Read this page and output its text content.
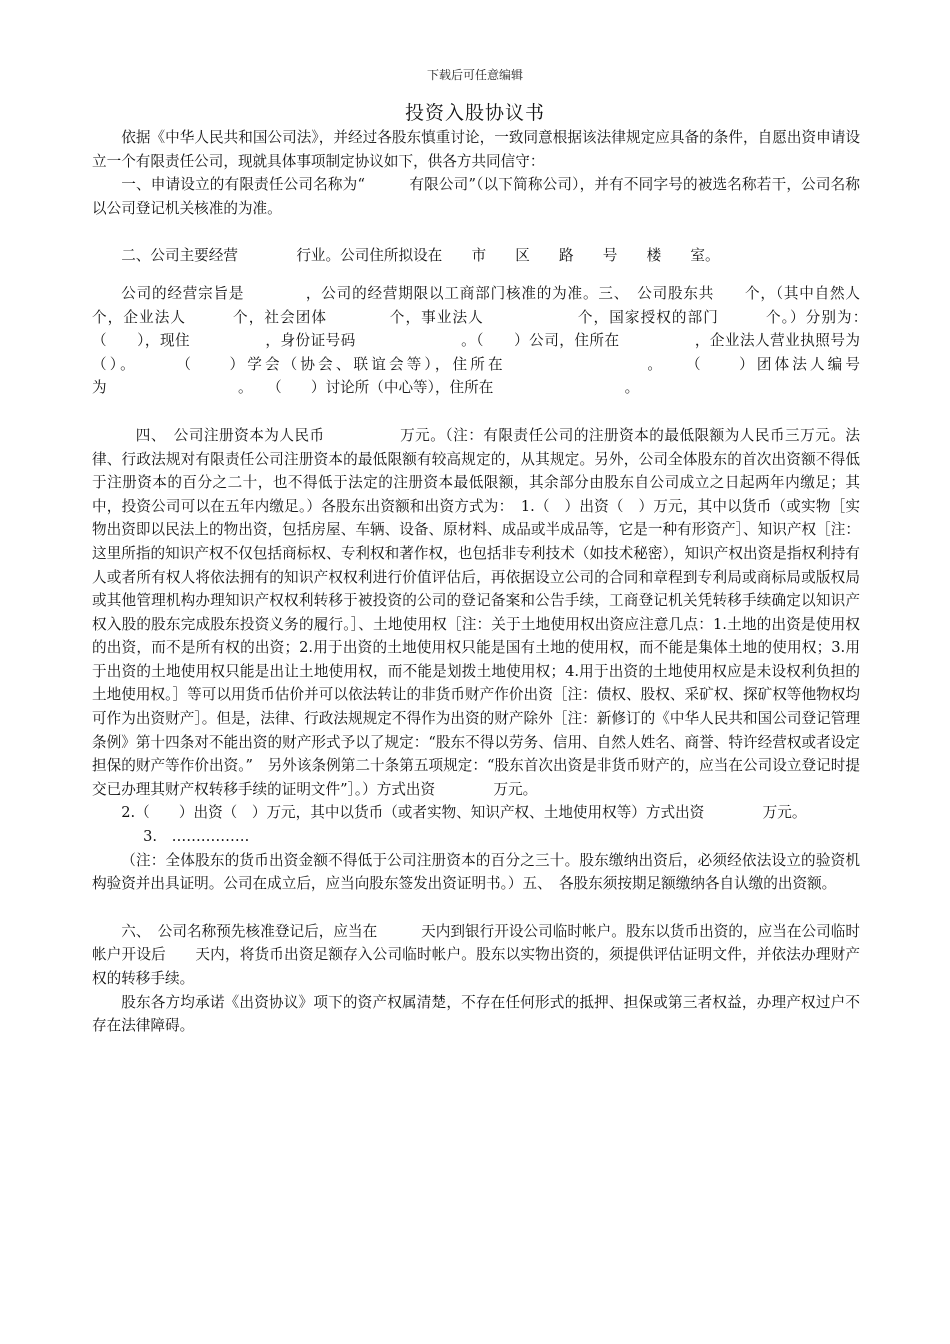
下载后可任意编辑
投资入股协议书

依据《中华人民共和国公司法》，并经过各股东慎重讨论，一致同意根据该法律规定应具备的条件，自愿出资申请设立一个有限责任公司，现就具体事项制定协议如下，供各方共同信守：

一、申请设立的有限责任公司名称为“　　　有限公司”（以下简称公司），并有不同字号的被选名称若干，公司名称以公司登记机关核准的为准。

二、公司主要经营　　　　行业。公司住所拟设在　　市　　区　　路　　号　　楼　　室。

公司的经营宗旨是　　　　，公司的经营期限以工商部门核准的为准。三、　公司股东共　　个，（其中自然人　　　　个，企业法人　　　个，社会团体　　　　个，事业法人　　　　　　个，国家授权的部门　　　个。）分别为：　　　　（　　），现住　　　　　，身份证号码　　　　　　　。（　　）公司，住所在　　　　　，企业法人营业执照号为（）。　　　（　　）学会（协会、联谊会等），住所在　　　　　　　　。　　（　　）团体法人编号为　　　　　　　　　。　　（　　）讨论所（中心等），住所在　　　　　　　　　。

四、　公司注册资本为人民币　　　　　万元。（注：有限责任公司的注册资本的最低限额为人民币三万元。法律、行政法规对有限责任公司注册资本的最低限额有较高规定的，从其规定。另外，公司全体股东的首次出资额不得低于注册资本的百分之二十，也不得低于法定的注册资本最低限额，其余部分由股东自公司成立之日起两年内缴足；其中，投资公司可以在五年内缴足。）各股东出资额和出资方式为：　1.（　）出资（　）万元，其中以货币（或实物［实物出资即以民法上的物出资，包括房屋、车辆、设备、原材料、成品或半成品等，它是一种有形资产］、知识产权［注：这里所指的知识产权不仅包括商标权、专利权和著作权，也包括非专利技术（如技术秘密），知识产权出资是指权利持有人或者所有权人将依法拥有的知识产权权利进行价值评估后，再依据设立公司的合同和章程到专利局或商标局或版权局或其他管理机构办理知识产权权利转移于被投资的公司的登记备案和公告手续，工商登记机关凭转移手续确定以知识产权入股的股东完成股东投资义务的履行。］、土地使用权［注：关于土地使用权出资应注意几点：1.土地的出资是使用权的出资，而不是所有权的出资；2.用于出资的土地使用权只能是国有土地的使用权，而不能是集体土地的使用权；3.用于出资的土地使用权只能是出让土地使用权，而不能是划拨土地使用权；4.用于出资的土地使用权应是未设权利负担的土地使用权。］等可以用货币估价并可以依法转让的非货币财产作价出资［注：债权、股权、采矿权、探矿权等他物权均可作为出资财产］。但是，法律、行政法规规定不得作为出资的财产除外［注：新修订的《中华人民共和国公司登记管理条例》第十四条对不能出资的财产形式予以了规定：“股东不得以劳务、信用、自然人姓名、商誉、特许经营权或者设定担保的财产等作价出资。”　另外该条例第二十条第五项规定：“股东首次出资是非货币财产的，应当在公司设立登记时提交已办理其财产权转移手续的证明文件”］。）方式出资　　　　万元。

2.（　　）出资（　）万元，其中以货币（或者实物、知识产权、土地使用权等）方式出资　　　　万元。

3.　…………….

（注：全体股东的货币出资金额不得低于公司注册资本的百分之三十。股东缴纳出资后，必须经依法设立的验资机构验资并出具证明。公司在成立后，应当向股东签发出资证明书。）五、　各股东须按期足额缴纳各自认缴的出资额。

六、　公司名称预先核准登记后，应当在　　　天内到银行开设公司临时帐户。股东以货币出资的，应当在公司临时帐户开设后　　天内，将货币出资足额存入公司临时帐户。股东以实物出资的，须提供评估证明文件，并依法办理财产权的转移手续。

股东各方均承诺《出资协议》项下的资产权属清楚，不存在任何形式的抵押、担保或第三者权益，办理产权过户不存在法律障碍。
